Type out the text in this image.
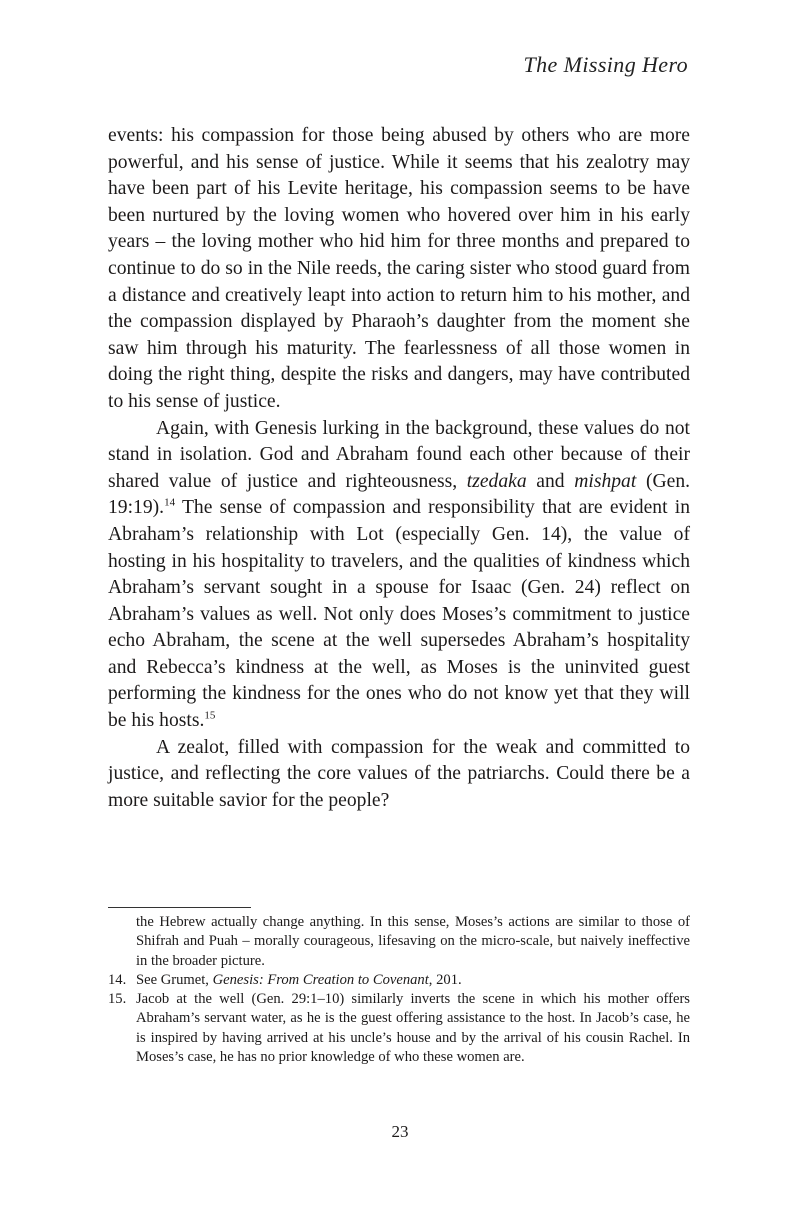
The Missing Hero

events: his compassion for those being abused by others who are more powerful, and his sense of justice. While it seems that his zealotry may have been part of his Levite heritage, his compassion seems to be have been nurtured by the loving women who hovered over him in his early years – the loving mother who hid him for three months and prepared to continue to do so in the Nile reeds, the caring sister who stood guard from a distance and creatively leapt into action to return him to his mother, and the compassion displayed by Pharaoh’s daughter from the moment she saw him through his maturity. The fearlessness of all those women in doing the right thing, despite the risks and dangers, may have contributed to his sense of justice.

Again, with Genesis lurking in the background, these values do not stand in isolation. God and Abraham found each other because of their shared value of justice and righteousness, tzedaka and mishpat (Gen. 19:19).$^{14}$ The sense of compassion and responsibility that are evident in Abraham’s relationship with Lot (especially Gen. 14), the value of hosting in his hospitality to travelers, and the qualities of kindness which Abraham’s servant sought in a spouse for Isaac (Gen. 24) reflect on Abraham’s values as well. Not only does Moses’s commitment to justice echo Abraham, the scene at the well supersedes Abraham’s hospitality and Rebecca’s kindness at the well, as Moses is the uninvited guest performing the kindness for the ones who do not know yet that they will be his hosts.$^{15}$

A zealot, filled with compassion for the weak and committed to justice, and reflecting the core values of the patriarchs. Could there be a more suitable savior for the people?

the Hebrew actually change anything. In this sense, Moses’s actions are similar to those of Shifrah and Puah – morally courageous, lifesaving on the micro-scale, but naively ineffective in the broader picture.

14. See Grumet, Genesis: From Creation to Covenant, 201.

15. Jacob at the well (Gen. 29:1–10) similarly inverts the scene in which his mother offers Abraham’s servant water, as he is the guest offering assistance to the host. In Jacob’s case, he is inspired by having arrived at his uncle’s house and by the arrival of his cousin Rachel. In Moses’s case, he has no prior knowledge of who these women are.

23
